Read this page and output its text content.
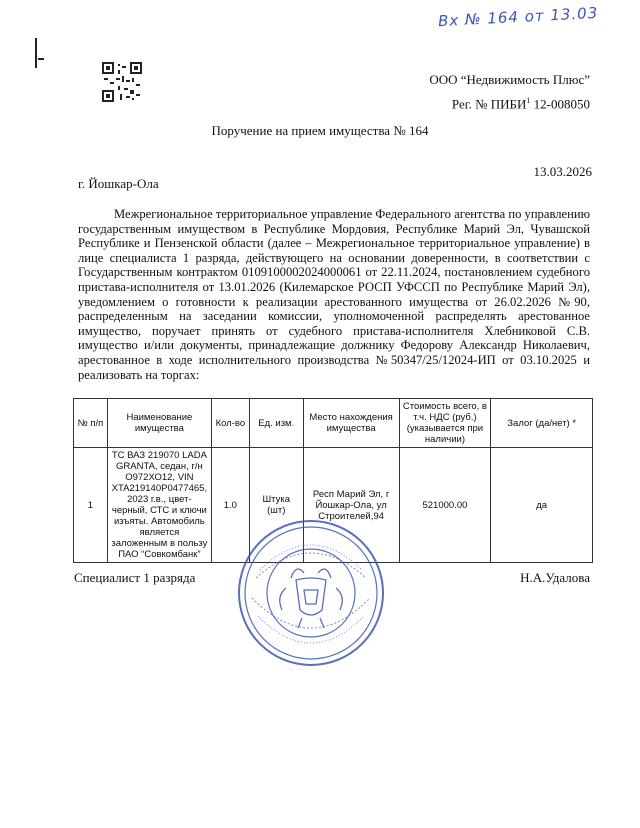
Вх № 164 от 13.03
ООО “Недвижимость Плюс”
Рег. № ПИБИ$^1$ 12-008050
Поручение на прием имущества № 164
13.03.2026
г. Йошкар-Ола
Межрегиональное территориальное управление Федерального агентства по управлению государственным имуществом в Республике Мордовия, Республике Марий Эл, Чувашской Республике и Пензенской области (далее – Межрегиональное территориальное управление) в лице специалиста 1 разряда, действующего на основании доверенности, в соответствии с Государственным контрактом 0109100002024000061 от 22.11.2024, постановлением судебного пристава-исполнителя от 13.01.2026 (Килемарское РОСП УФССП по Республике Марий Эл), уведомлением о готовности к реализации арестованного имущества от 26.02.2026 №90, распределенным на заседании комиссии, уполномоченной распределять арестованное имущество, поручает принять от судебного пристава-исполнителя Хлебниковой С.В. имущество и/или документы, принадлежащие должнику Федорову Александр Николаевич, арестованное в ходе исполнительного производства №50347/25/12024-ИП от 03.10.2025 и реализовать на торгах:
№ п/п	Наименование имущества	Кол-во	Ед. изм.	Место нахождения имущества	Стоимость всего, в т.ч. НДС (руб.) (указывается при наличии)	Залог (да/нет) *
1	ТС ВАЗ 219070 LADA GRANTA, седан, г/н О972ХО12, VIN XTA219140P0477465, 2023 г.в., цвет-черный, СТС и ключи изъяты. Автомобиль является заложенным в пользу ПАО “Совкомбанк”	1.0	Штука (шт)	Респ Марий Эл, г Йошкар-Ола, ул Строителей,94	521000.00	да
Специалист 1 разряда	Н.А.Удалова
